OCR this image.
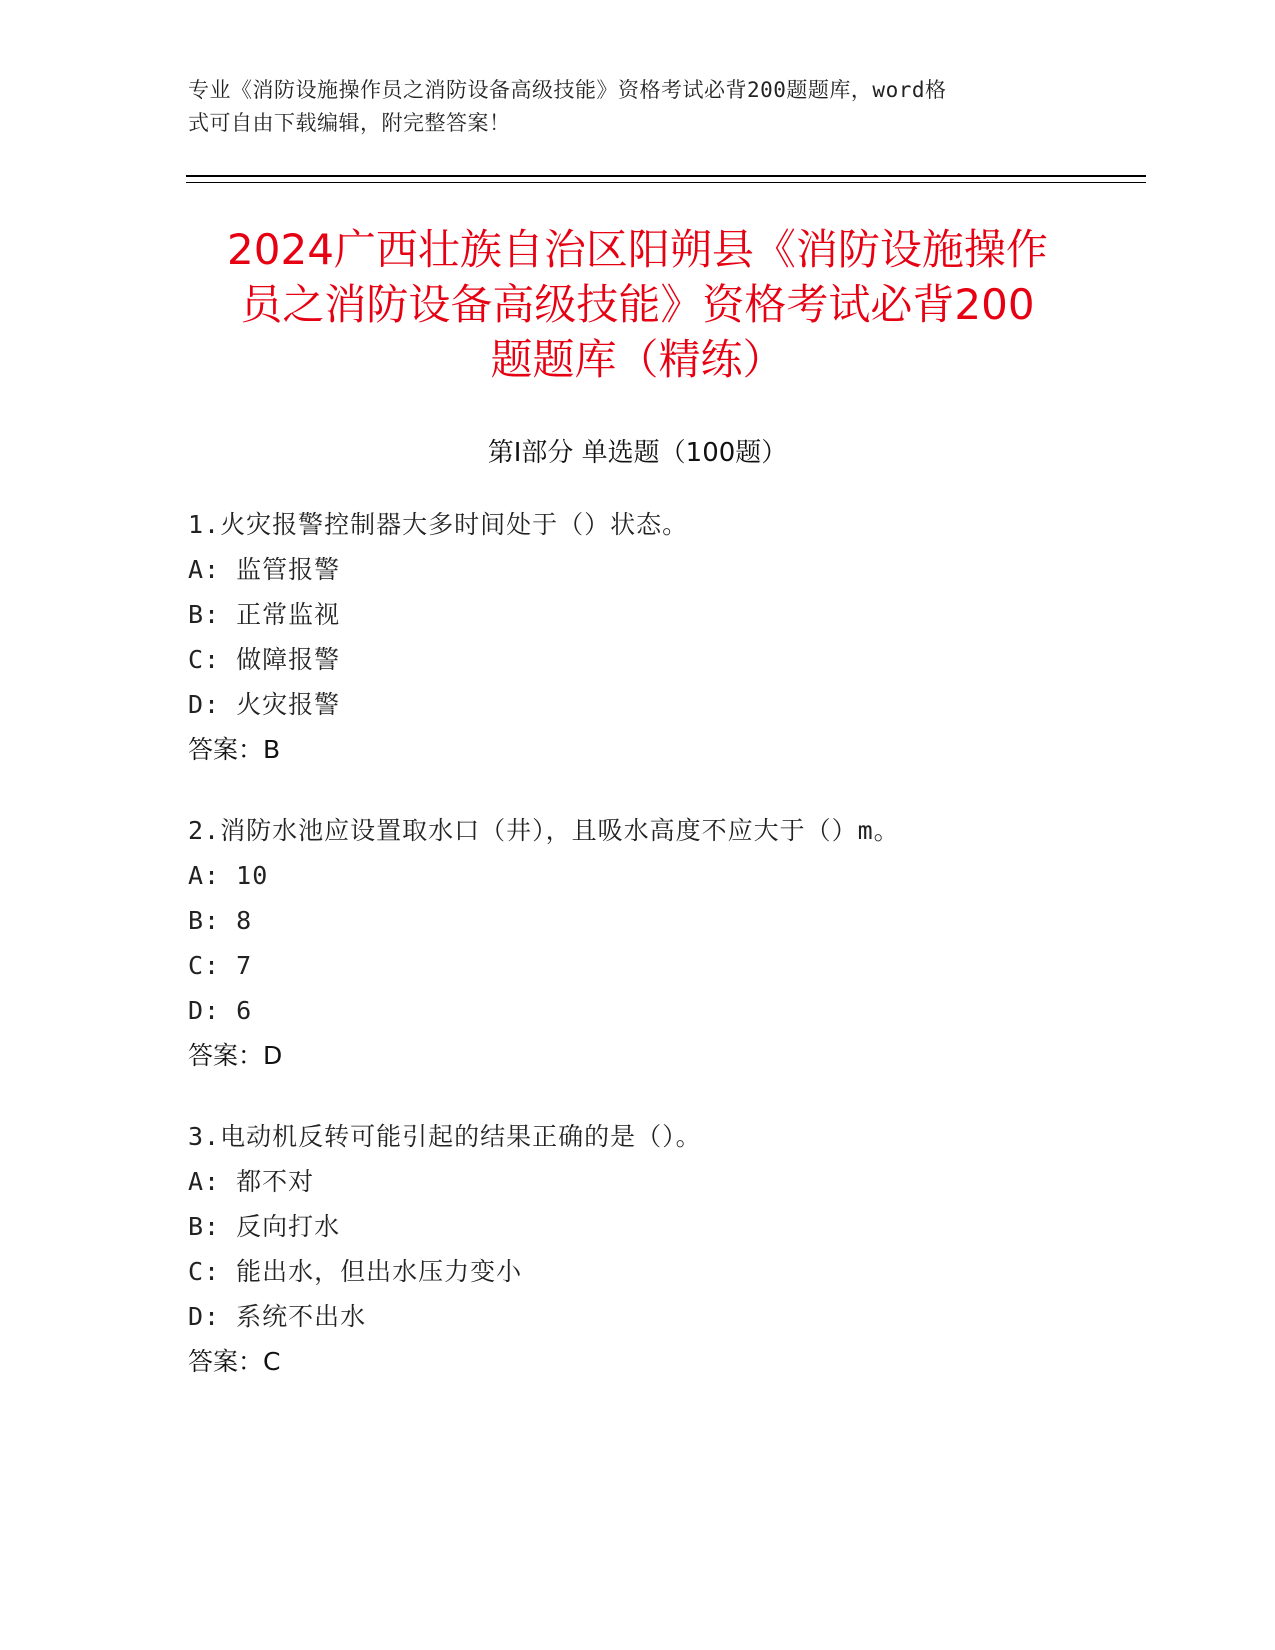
专业《消防设施操作员之消防设备高级技能》资格考试必背200题题库，word格
式可自由下载编辑，附完整答案！
2024广西壮族自治区阳朔县《消防设施操作
员之消防设备高级技能》资格考试必背200
题题库（精练）
第Ⅰ部分 单选题（100题）
1.火灾报警控制器大多时间处于（）状态。
A: 监管报警
B: 正常监视
C: 做障报警
D: 火灾报警
答案：B
2.消防水池应设置取水口（井），且吸水高度不应大于（）m。
A: 10
B: 8
C: 7
D: 6
答案：D
3.电动机反转可能引起的结果正确的是（）。
A: 都不对
B: 反向打水
C: 能出水，但出水压力变小
D: 系统不出水
答案：C
